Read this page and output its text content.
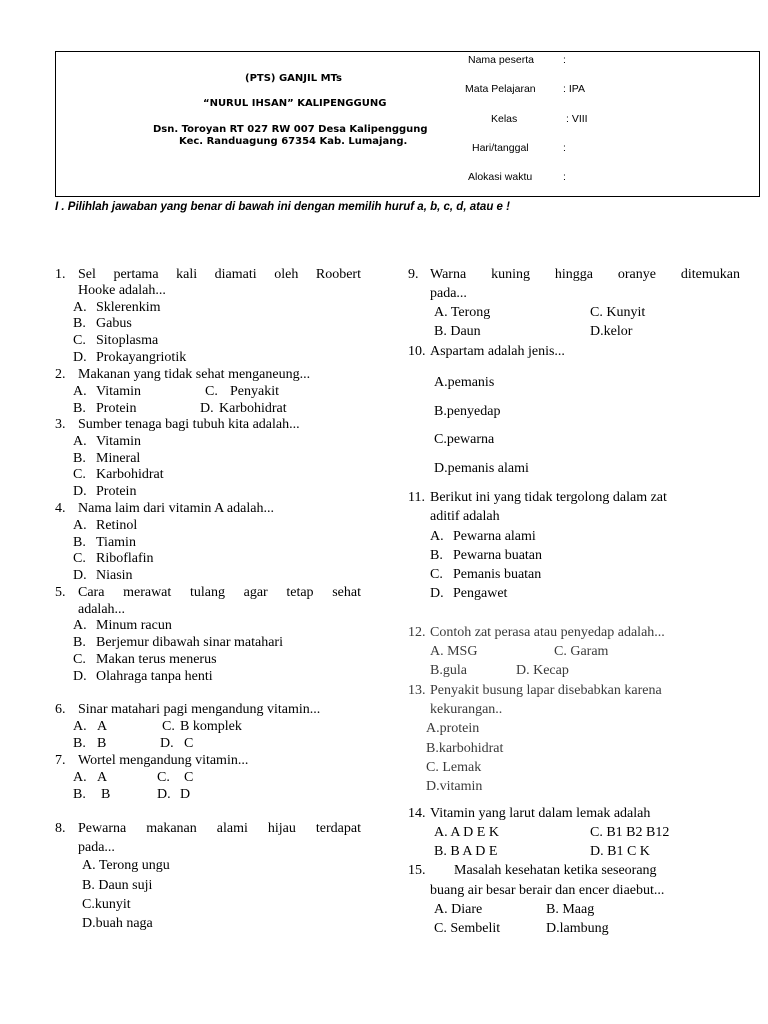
(PTS) GANJIL MTs
“NURUL IHSAN” KALIPENGGUNG
Dsn. Toroyan RT 027 RW 007 Desa Kalipenggung
Kec. Randuagung 67354 Kab. Lumajang.
Nama peserta	:
Mata Pelajaran	: IPA
Kelas	: VIII
Hari/tanggal	:
Alokasi waktu	:
I . Pilihlah jawaban yang benar di bawah ini dengan memilih huruf a, b, c, d, atau e !
1. Sel pertama kali diamati oleh Roobert
Hooke adalah...
A. Sklerenkim
B. Gabus
C. Sitoplasma
D. Prokayangriotik
2. Makanan yang tidak sehat menganeung...
A. Vitamin	C. Penyakit
B. Protein	D. Karbohidrat
3. Sumber tenaga bagi tubuh kita adalah...
A. Vitamin
B. Mineral
C. Karbohidrat
D. Protein
4. Nama laim dari vitamin A adalah...
A. Retinol
B. Tiamin
C. Riboflafin
D. Niasin
5. Cara merawat tulang agar tetap sehat
adalah...
A. Minum racun
B. Berjemur dibawah sinar matahari
C. Makan terus menerus
D. Olahraga tanpa henti
6. Sinar matahari pagi mengandung vitamin...
A. A	C. B komplek
B. B	D. C
7. Wortel mengandung vitamin...
A. A	C. C
B. B	D. D
8. Pewarna makanan alami hijau terdapat
pada...
A. Terong ungu
B. Daun suji
C.kunyit
D.buah naga
9. Warna kuning hingga oranye ditemukan
pada...
A. Terong	C. Kunyit
B. Daun	D.kelor
10. Aspartam adalah jenis...
A.pemanis
B.penyedap
C.pewarna
D.pemanis alami
11. Berikut ini yang tidak tergolong dalam zat
aditif adalah
A. Pewarna alami
B. Pewarna buatan
C. Pemanis buatan
D. Pengawet
12. Contoh zat perasa atau penyedap adalah...
A. MSG	C. Garam
B.gula	D. Kecap
13. Penyakit busung lapar disebabkan karena
kekurangan..
A.protein
B.karbohidrat
C. Lemak
D.vitamin
14. Vitamin yang larut dalam lemak adalah
A. A D E K	C. B1 B2 B12
B. B A D E	D. B1 C K
15. Masalah kesehatan ketika seseorang
buang air besar berair dan encer diaebut...
A. Diare	B. Maag
C. Sembelit	D.lambung
